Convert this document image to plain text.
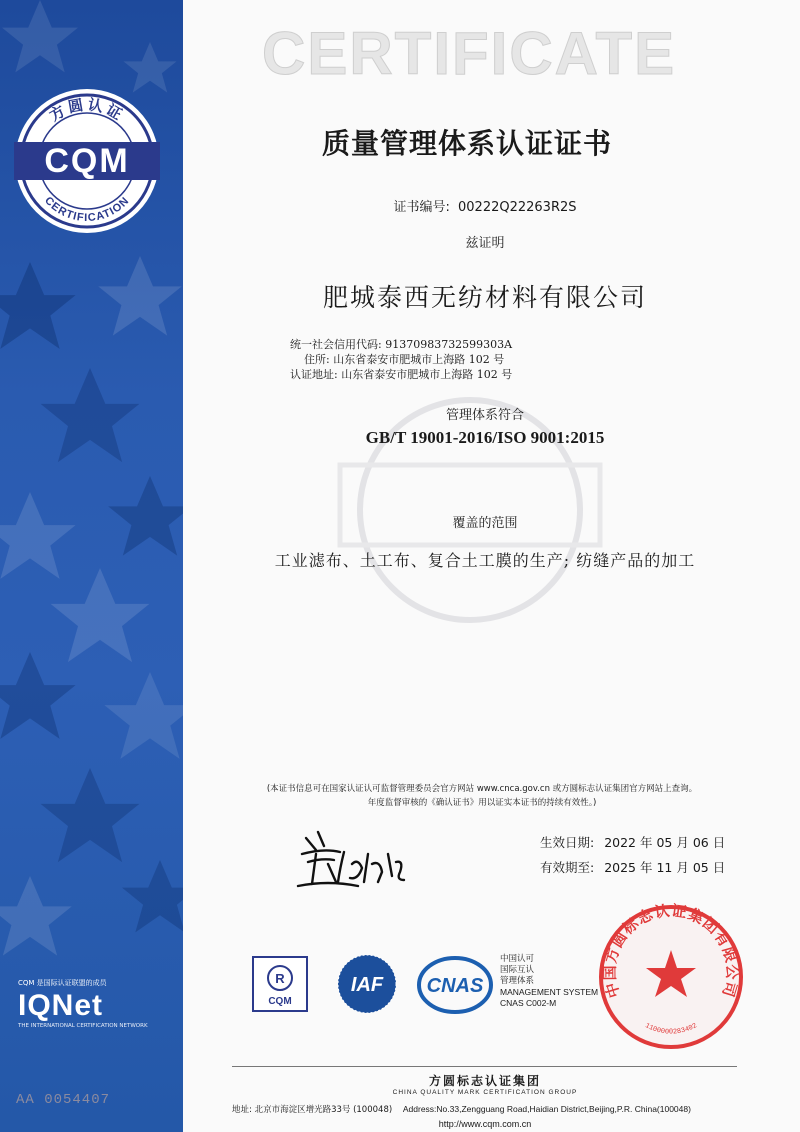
方圆认证
CQM
CERTIFICATION
CQM 是国际认证联盟的成员
IQNet
THE INTERNATIONAL CERTIFICATION NETWORK
AA 0054407
CERTIFICATE
质量管理体系认证证书
证书编号: 00222Q22263R2S
兹证明
肥城泰西无纺材料有限公司
统一社会信用代码: 91370983732599303A
住所: 山东省泰安市肥城市上海路 102 号
认证地址: 山东省泰安市肥城市上海路 102 号
管理体系符合
GB/T 19001-2016/ISO 9001:2015
覆盖的范围
工业滤布、土工布、复合土工膜的生产; 纺缝产品的加工
(本证书信息可在国家认证认可监督管理委员会官方网站 www.cnca.gov.cn 或方圆标志认证集团官方网站上查询。
年度监督审核的《确认证书》用以证实本证书的持续有效性。)
生效日期: 2022 年 05 月 06 日
有效期至: 2025 年 11 月 05 日
R
CQM
IAF CNAS
中国认可
国际互认
管理体系
MANAGEMENT SYSTEM
CNAS C002-M
中国方圆标志认证集团有限公司
1100000283402
方圆标志认证集团
CHINA QUALITY MARK CERTIFICATION GROUP
地址: 北京市海淀区增光路33号 (100048) Address:No.33,Zengguang Road,Haidian District,Beijing,P.R. China(100048)
http://www.cqm.com.cn
